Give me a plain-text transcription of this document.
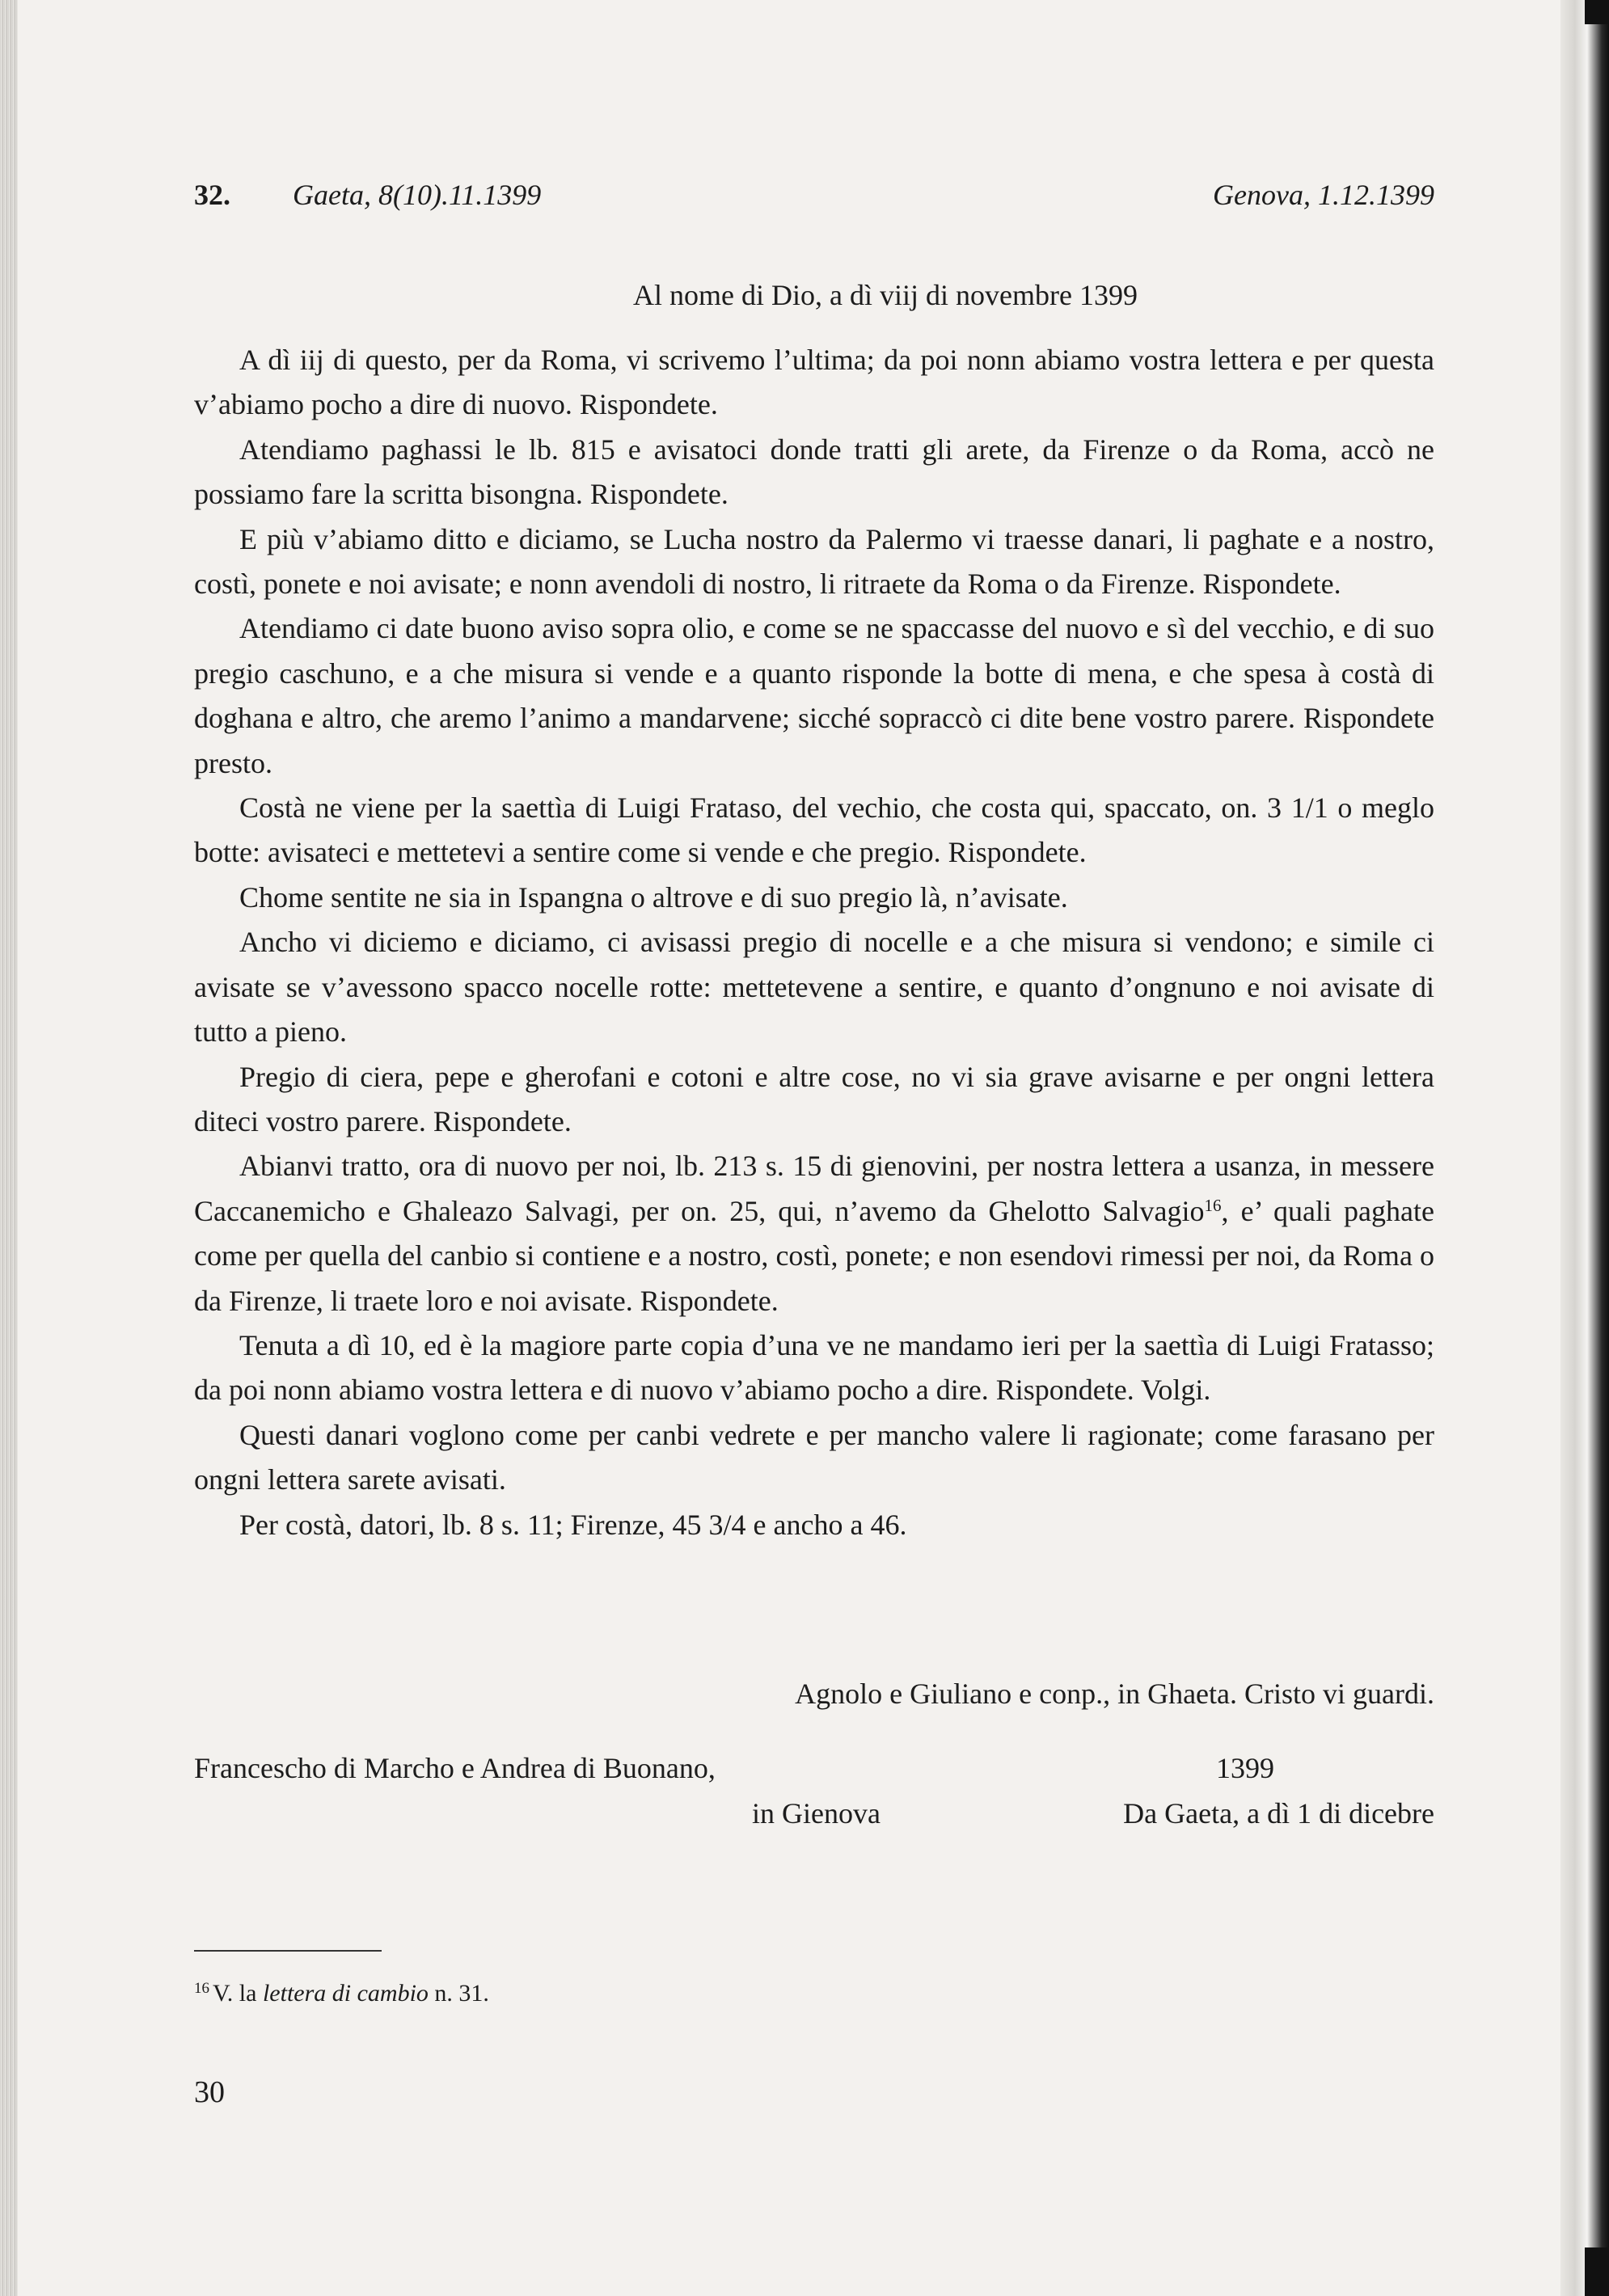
32. Gaeta, 8(10).11.1399	Genova, 1.12.1399
Al nome di Dio, a dì viij di novembre 1399

A dì iij di questo, per da Roma, vi scrivemo l’ultima; da poi nonn abiamo vostra lettera e per questa v’abiamo pocho a dire di nuovo. Rispondete.

Atendiamo paghassi le lb. 815 e avisatoci donde tratti gli arete, da Firenze o da Roma, accò ne possiamo fare la scritta bisongna. Rispondete.

E più v’abiamo ditto e diciamo, se Lucha nostro da Palermo vi traesse danari, li paghate e a nostro, costì, ponete e noi avisate; e nonn avendoli di nostro, li ritraete da Roma o da Firenze. Rispondete.

Atendiamo ci date buono aviso sopra olio, e come se ne spaccasse del nuovo e sì del vecchio, e di suo pregio caschuno, e a che misura si vende e a quanto risponde la botte di mena, e che spesa à costà di doghana e altro, che aremo l’animo a mandarvene; sicché sopraccò ci dite bene vostro parere. Rispondete presto.

Costà ne viene per la saettìa di Luigi Frataso, del vechio, che costa qui, spaccato, on. 3 1/1 o meglo botte: avisateci e mettetevi a sentire come si vende e che pregio. Rispondete.

Chome sentite ne sia in Ispangna o altrove e di suo pregio là, n’avisate.

Ancho vi diciemo e diciamo, ci avisassi pregio di nocelle e a che misura si vendono; e simile ci avisate se v’avessono spacco nocelle rotte: mettetevene a sentire, e quanto d’ongnuno e noi avisate di tutto a pieno.

Pregio di ciera, pepe e gherofani e cotoni e altre cose, no vi sia grave avisarne e per ongni lettera diteci vostro parere. Rispondete.

Abianvi tratto, ora di nuovo per noi, lb. 213 s. 15 di gienovini, per nostra lettera a usanza, in messere Caccanemicho e Ghaleazo Salvagi, per on. 25, qui, n’avemo da Ghelotto Salvagio$^{16}$, e’ quali paghate come per quella del canbio si contiene e a nostro, costì, ponete; e non esendovi rimessi per noi, da Roma o da Firenze, li traete loro e noi avisate. Rispondete.

Tenuta a dì 10, ed è la magiore parte copia d’una ve ne mandamo ieri per la saettìa di Luigi Fratasso; da poi nonn abiamo vostra lettera e di nuovo v’abiamo pocho a dire. Rispondete. Volgi.

Questi danari voglono come per canbi vedrete e per mancho valere li ragionate; come farasano per ongni lettera sarete avisati.

Per costà, datori, lb. 8 s. 11; Firenze, 45 3/4 e ancho a 46.

Agnolo e Giuliano e conp., in Ghaeta. Cristo vi guardi.
Francescho di Marcho e Andrea di Buonano,
in Gienova
1399
Da Gaeta, a dì 1 di dicebre
$^{16}$ V. la lettera di cambio n. 31.
30
